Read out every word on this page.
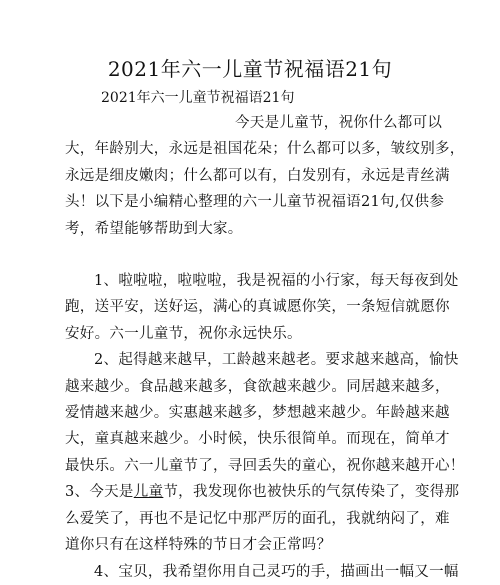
2021年六一儿童节祝福语21句
2021年六一儿童节祝福语21句

今天是儿童节，祝你什么都可以

大，年龄别大，永远是祖国花朵；什么都可以多，皱纹别多，

永远是细皮嫩肉；什么都可以有，白发别有，永远是青丝满

头！以下是小编精心整理的六一儿童节祝福语21句,仅供参

考，希望能够帮助到大家。

1、啦啦啦，啦啦啦，我是祝福的小行家，每天每夜到处

跑，送平安，送好运，满心的真诚愿你笑，一条短信就愿你

安好。六一儿童节，祝你永远快乐。

2、起得越来越早，工龄越来越老。要求越来越高，愉快

越来越少。食品越来越多，食欲越来越少。同居越来越多，

爱情越来越少。实惠越来越多，梦想越来越少。年龄越来越

大，童真越来越少。小时候，快乐很简单。而现在，简单才

最快乐。六一儿童节了，寻回丢失的童心，祝你越来越开心！

3、今天是儿童节，我发现你也被快乐的气氛传染了，变得那

么爱笑了，再也不是记忆中那严厉的面孔，我就纳闷了，难

道你只有在这样特殊的节日才会正常吗？

4、宝贝，我希望你用自己灵巧的手，描画出一幅又一幅
